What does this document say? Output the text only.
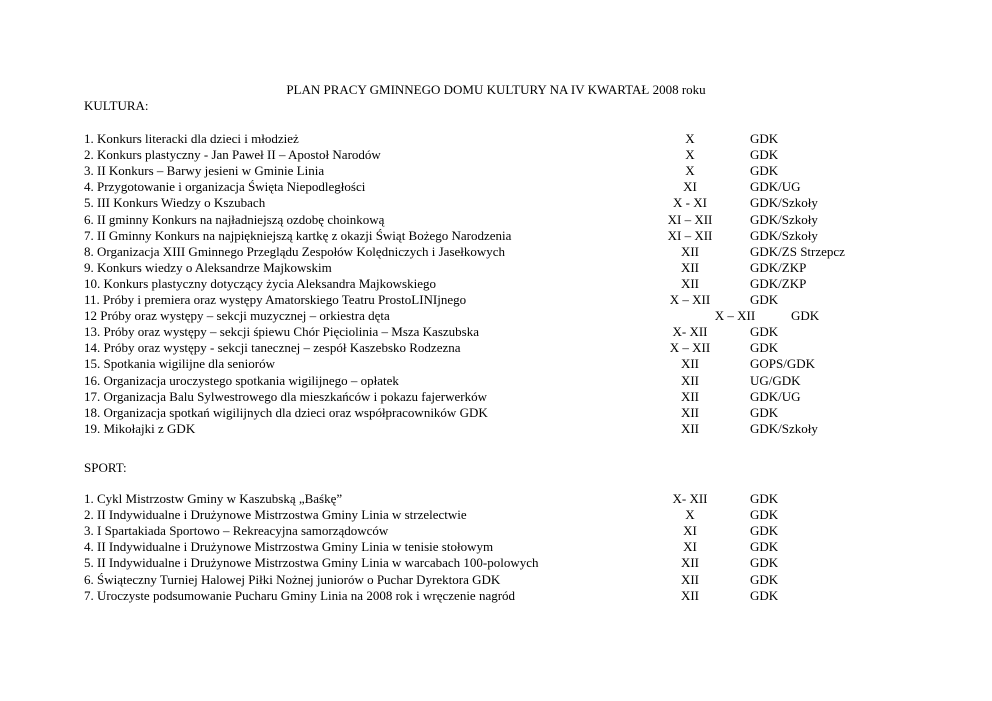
PLAN PRACY GMINNEGO DOMU KULTURY NA IV KWARTAŁ 2008 roku
KULTURA:
1. Konkurs literacki dla dzieci i młodzież	X	GDK
2. Konkurs plastyczny - Jan Paweł II – Apostoł Narodów	X	GDK
3. II Konkurs – Barwy jesieni w Gminie Linia	X	GDK
4. Przygotowanie i organizacja Święta Niepodległości	XI	GDK/UG
5. III Konkurs Wiedzy o Kszubach	X - XI	GDK/Szkoły
6. II gminny Konkurs na najładniejszą ozdobę choinkową	XI – XII	GDK/Szkoły
7. II Gminny Konkurs na najpiękniejszą kartkę z okazji Świąt Bożego Narodzenia	XI – XII	GDK/Szkoły
8. Organizacja XIII Gminnego Przeglądu Zespołów Kolędniczych i Jasełkowych	XII	GDK/ZS Strzepcz
9. Konkurs wiedzy o Aleksandrze Majkowskim	XII	GDK/ZKP
10. Konkurs plastyczny dotyczący życia Aleksandra Majkowskiego	XII	GDK/ZKP
11. Próby i premiera oraz występy Amatorskiego Teatru ProstoLINIjnego	X – XII	GDK
12 Próby oraz występy – sekcji muzycznej – orkiestra dęta	X – XII	GDK
13. Próby oraz występy – sekcji śpiewu Chór Pięciolinia – Msza Kaszubska	X- XII	GDK
14. Próby oraz występy - sekcji tanecznej – zespół Kaszebsko Rodzezna	X – XII	GDK
15. Spotkania wigilijne dla seniorów	XII	GOPS/GDK
16. Organizacja uroczystego spotkania wigilijnego – opłatek	XII	UG/GDK
17. Organizacja Balu Sylwestrowego dla mieszkańców i pokazu fajerwerków	XII	GDK/UG
18. Organizacja spotkań wigilijnych dla dzieci oraz współpracowników GDK	XII	GDK
19. Mikołajki z GDK	XII	GDK/Szkoły
SPORT:
1. Cykl Mistrzostw Gminy w Kaszubską „Baśkę”	X- XII	GDK
2. II Indywidualne i Drużynowe Mistrzostwa Gminy Linia w strzelectwie	X	GDK
3. I Spartakiada Sportowo – Rekreacyjna samorządowców	XI	GDK
4. II Indywidualne i Drużynowe Mistrzostwa Gminy Linia w tenisie stołowym	XI	GDK
5. II Indywidualne i Drużynowe Mistrzostwa Gminy Linia w warcabach 100-polowych	XII	GDK
6. Świąteczny Turniej Halowej Piłki Nożnej juniorów o Puchar Dyrektora GDK	XII	GDK
7. Uroczyste podsumowanie Pucharu Gminy Linia na 2008 rok i wręczenie nagród	XII	GDK
